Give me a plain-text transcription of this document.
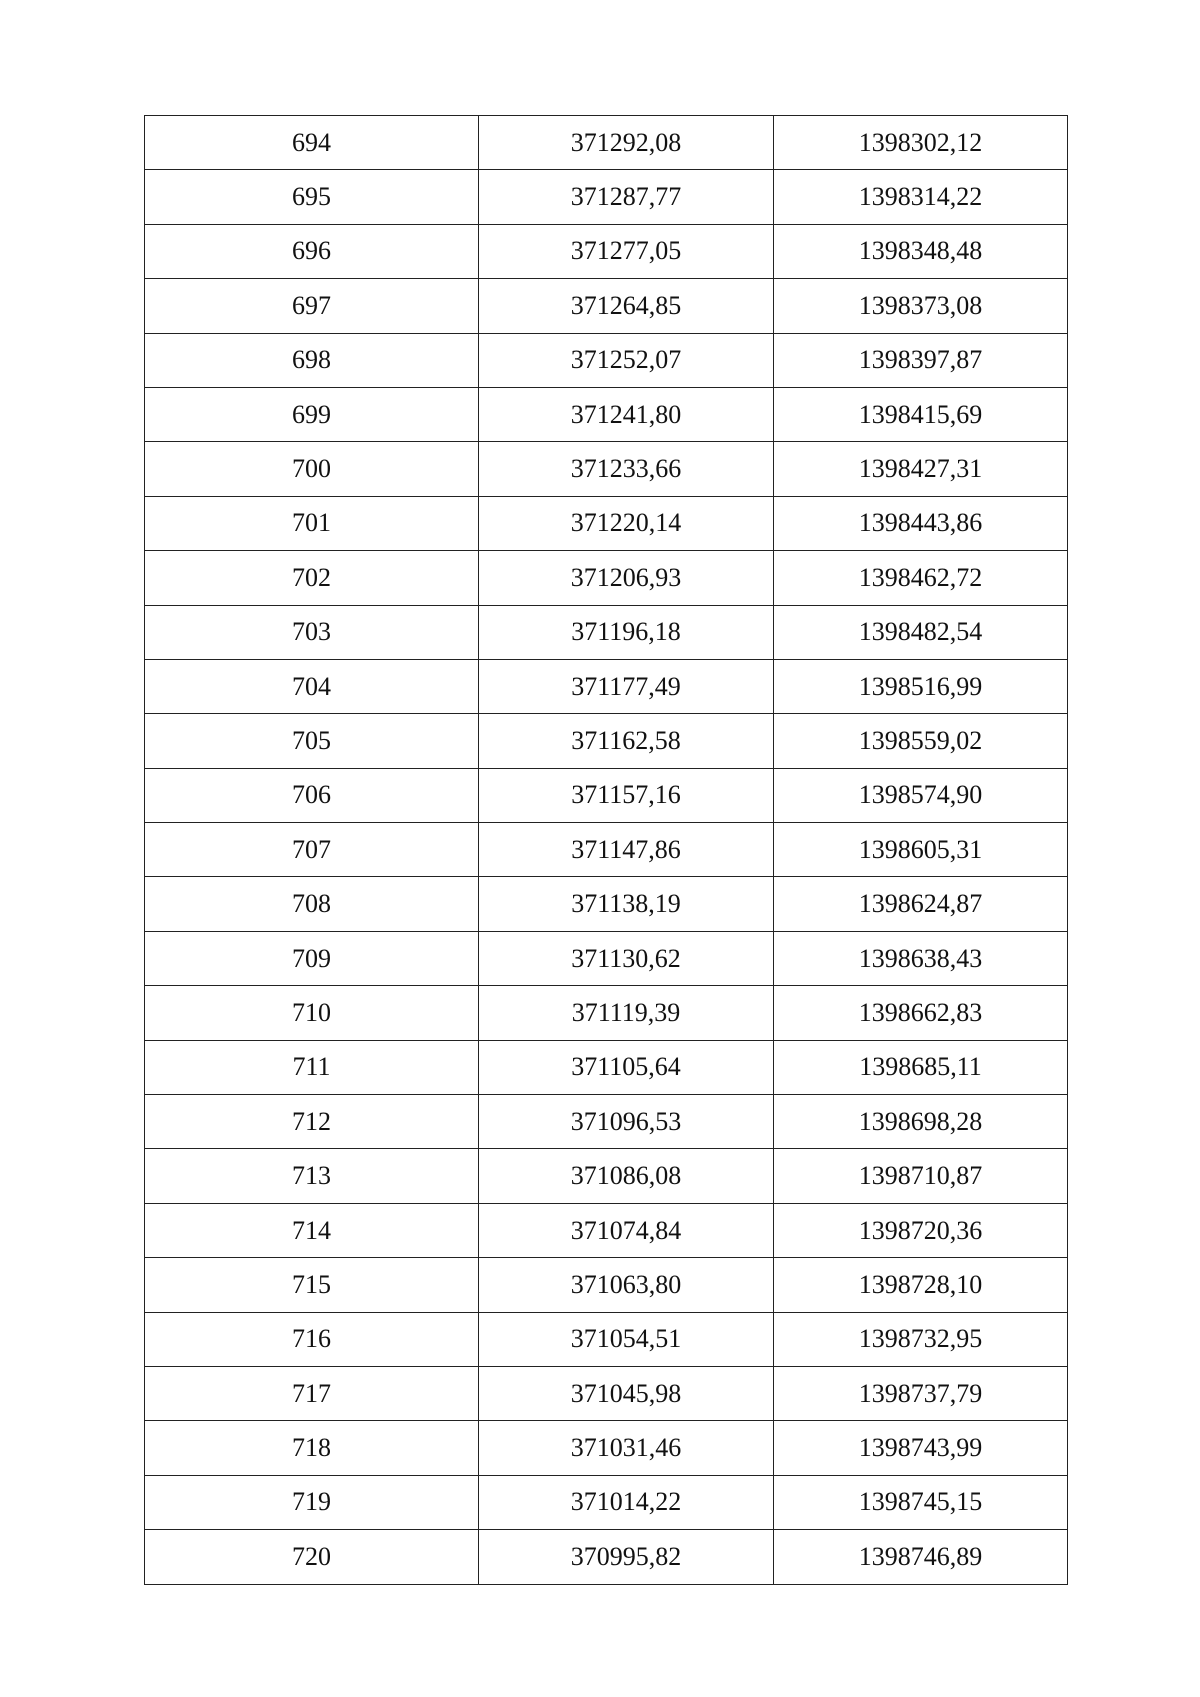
694	371292,08	1398302,12
695	371287,77	1398314,22
696	371277,05	1398348,48
697	371264,85	1398373,08
698	371252,07	1398397,87
699	371241,80	1398415,69
700	371233,66	1398427,31
701	371220,14	1398443,86
702	371206,93	1398462,72
703	371196,18	1398482,54
704	371177,49	1398516,99
705	371162,58	1398559,02
706	371157,16	1398574,90
707	371147,86	1398605,31
708	371138,19	1398624,87
709	371130,62	1398638,43
710	371119,39	1398662,83
711	371105,64	1398685,11
712	371096,53	1398698,28
713	371086,08	1398710,87
714	371074,84	1398720,36
715	371063,80	1398728,10
716	371054,51	1398732,95
717	371045,98	1398737,79
718	371031,46	1398743,99
719	371014,22	1398745,15
720	370995,82	1398746,89
